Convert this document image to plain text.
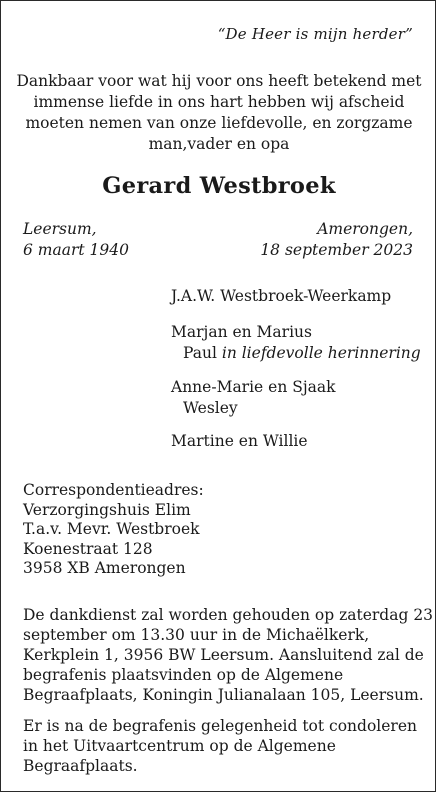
“De Heer is mijn herder”

Dankbaar voor wat hij voor ons heeft betekend met
immense liefde in ons hart hebben wij afscheid
moeten nemen van onze liefdevolle, en zorgzame
man,vader en opa
Gerard Westbroek
Leersum,
6 maart 1940
Amerongen,
18 september 2023
J.A.W. Westbroek-Weerkamp
Marjan en Marius
Paul in liefdevolle herinnering
Anne-Marie en Sjaak
Wesley
Martine en Willie
Correspondentieadres:
Verzorgingshuis Elim
T.a.v. Mevr. Westbroek
Koenestraat 128
3958 XB Amerongen
De dankdienst zal worden gehouden op zaterdag 23
september om 13.30 uur in de Michaëlkerk,
Kerkplein 1, 3956 BW Leersum. Aansluitend zal de
begrafenis plaatsvinden op de Algemene
Begraafplaats, Koningin Julianalaan 105, Leersum.
Er is na de begrafenis gelegenheid tot condoleren
in het Uitvaartcentrum op de Algemene
Begraafplaats.
